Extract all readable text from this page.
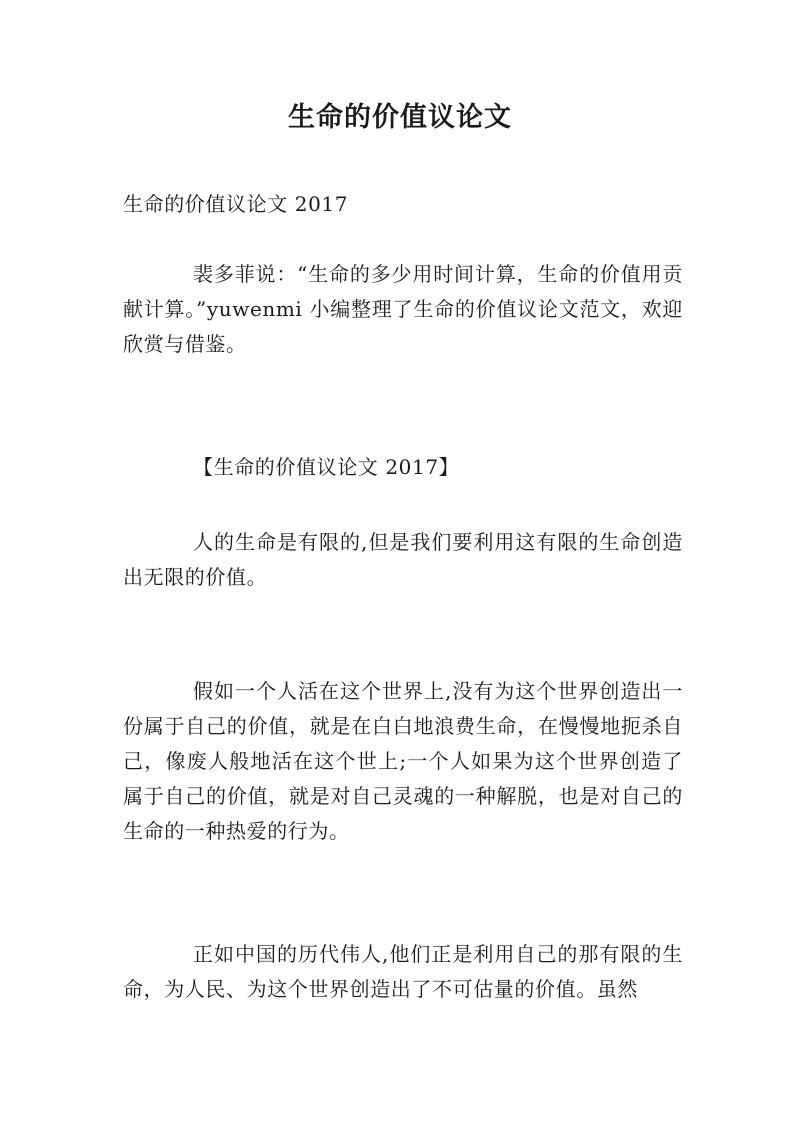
生命的价值议论文

生命的价值议论文 2017

裴多菲说：“生命的多少用时间计算，生命的价值用贡献计算。”yuwenmi 小编整理了生命的价值议论文范文，欢迎欣赏与借鉴。

【生命的价值议论文 2017】

人的生命是有限的,但是我们要利用这有限的生命创造出无限的价值。

假如一个人活在这个世界上,没有为这个世界创造出一份属于自己的价值，就是在白白地浪费生命，在慢慢地扼杀自己，像废人般地活在这个世上;一个人如果为这个世界创造了属于自己的价值，就是对自己灵魂的一种解脱，也是对自己的生命的一种热爱的行为。

正如中国的历代伟人,他们正是利用自己的那有限的生命，为人民、为这个世界创造出了不可估量的价值。虽然
